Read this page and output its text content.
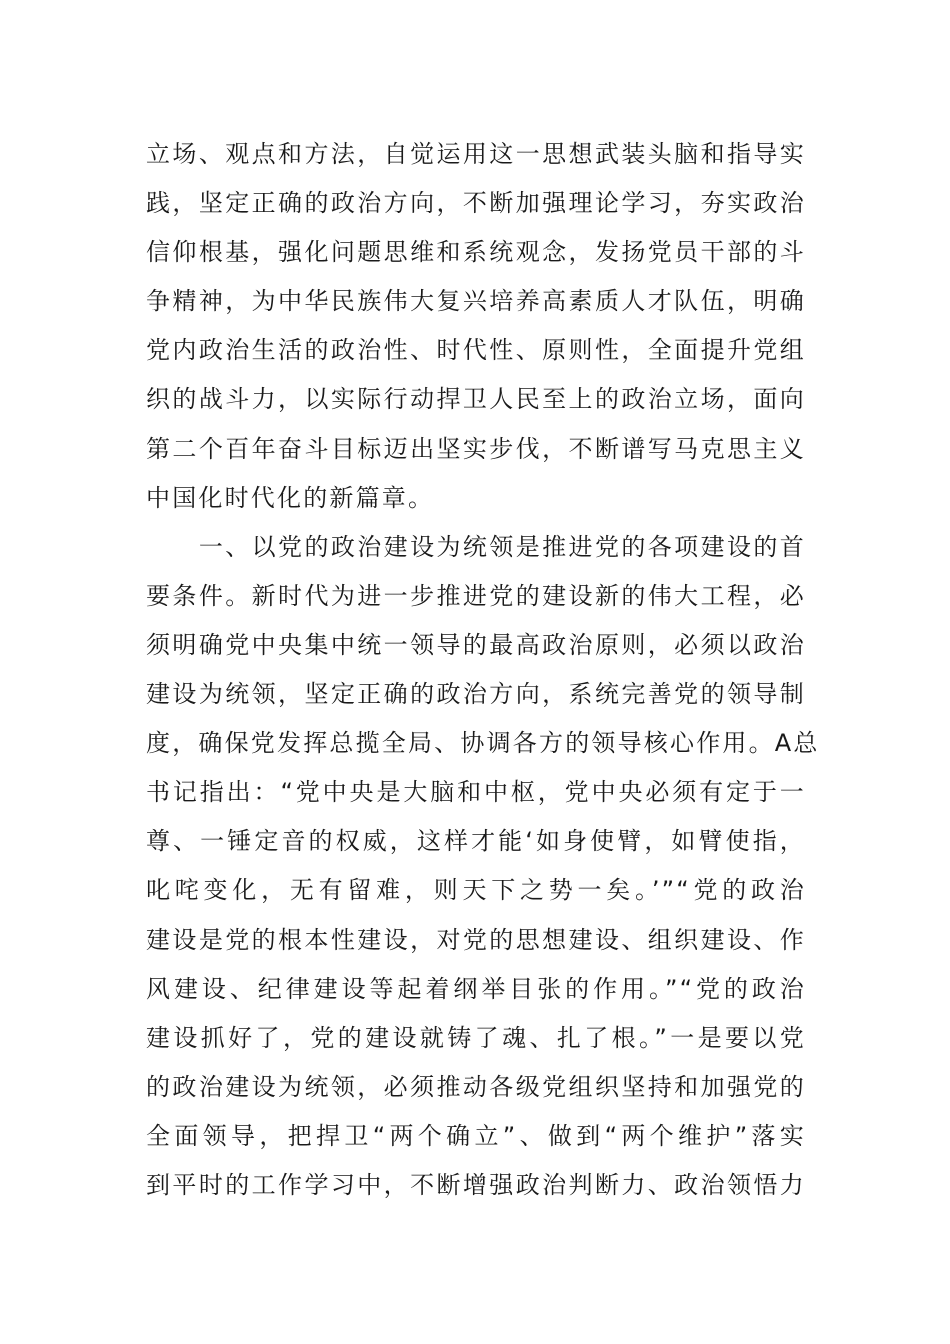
立场、观点和方法，自觉运用这一思想武装头脑和指导实
践，坚定正确的政治方向，不断加强理论学习，夯实政治
信仰根基，强化问题思维和系统观念，发扬党员干部的斗
争精神，为中华民族伟大复兴培养高素质人才队伍，明确
党内政治生活的政治性、时代性、原则性，全面提升党组
织的战斗力，以实际行动捍卫人民至上的政治立场，面向
第二个百年奋斗目标迈出坚实步伐，不断谱写马克思主义
中国化时代化的新篇章。
　　一、以党的政治建设为统领是推进党的各项建设的首
要条件。新时代为进一步推进党的建设新的伟大工程，必
须明确党中央集中统一领导的最高政治原则，必须以政治
建设为统领，坚定正确的政治方向，系统完善党的领导制
度，确保党发挥总揽全局、协调各方的领导核心作用。A总
书记指出：“党中央是大脑和中枢，党中央必须有定于一
尊、一锤定音的权威，这样才能‘如身使臂，如臂使指，
叱咤变化，无有留难，则天下之势一矣。’”“党的政治
建设是党的根本性建设，对党的思想建设、组织建设、作
风建设、纪律建设等起着纲举目张的作用。”“党的政治
建设抓好了，党的建设就铸了魂、扎了根。”一是要以党
的政治建设为统领，必须推动各级党组织坚持和加强党的
全面领导，把捍卫“两个确立”、做到“两个维护”落实
到平时的工作学习中，不断增强政治判断力、政治领悟力
